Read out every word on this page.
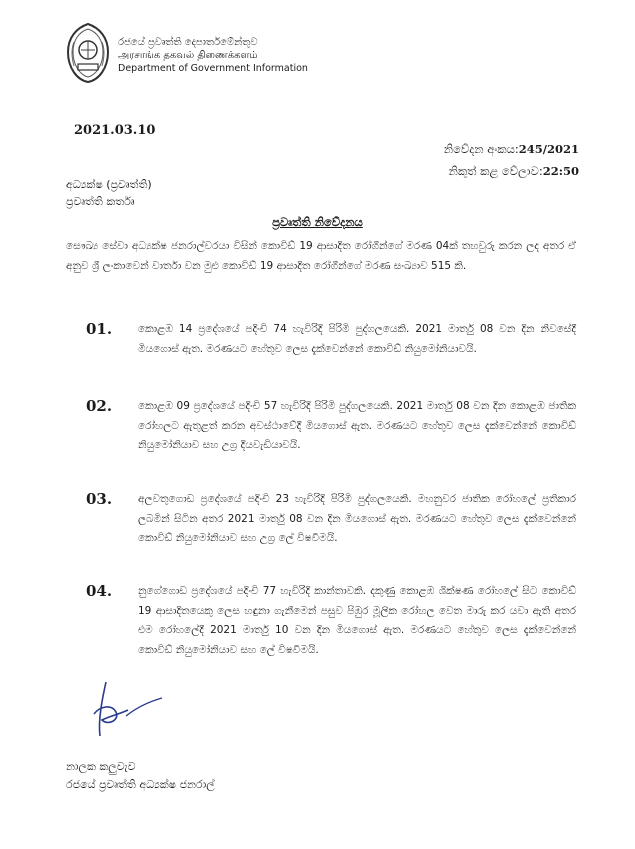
රජයේ ප්‍රවෘත්ති දෙපාර්තමේන්තුව
அரசாங்க தகவல் திணைக்களம்
Department of Government Information
2021.03.10
නිවේදන අංකය:245/2021
නිකුත් කළ වේලාව:22:50
අධ්‍යක්ෂ (ප්‍රවෘත්ති)
ප්‍රවෘත්ති කර්තෘ
ප්‍රවෘත්ති නිවේදනය
සෞඛ්‍ය සේවා අධ්‍යක්ෂ ජනරාල්වරයා විසින් කොවිඩ් 19 ආසාදිත රෝගීන්ගේ මරණ 04ක් තහවුරු කරන ලද අතර ඒ අනුව ශ්‍රී ලංකාවෙන් වාර්තා වන මුළු කොවිඩ් 19 ආසාදිත රෝගීන්ගේ මරණ සංඛ්‍යාව 515 කි.
01. කොළඹ 14 ප්‍රදේශයේ පදිංචි 74 හැවිරිදි පිරිමි පුද්ගලයෙකි. 2021 මාර්තු 08 වන දින නිවසේදී මියගොස් ඇත. මරණයට හේතුව ලෙස දැක්වෙන්නේ කොවිඩ් නියුමෝනියාවයි.
02. කොළඹ 09 ප්‍රදේශයේ පදිංචි 57 හැවිරිදි පිරිමි පුද්ගලයෙකි. 2021 මාර්තු 08 වන දින කොළඹ ජාතික රෝහලට ඇතුළත් කරන අවස්ථාවේදී මියගොස් ඇත. මරණයට හේතුව ලෙස දැක්වෙන්නේ කොවිඩ් නියුමෝනියාව සහ උග්‍ර දියවැඩියාවයි.
03. අලවතුගොඩ ප්‍රදේශයේ පදිංචි 23 හැවිරිදි පිරිමි පුද්ගලයෙකි. මහනුවර ජාතික රෝහලේ ප්‍රතිකාර ලබමින් සිටින අතර 2021 මාර්තු 08 වන දින මියගොස් ඇත. මරණයට හේතුව ලෙස දැක්වෙන්නේ කොවිඩ් නියුමෝනියාව සහ උග්‍ර ලේ විෂවීමයි.
04. නුගේගොඩ ප්‍රදේශයේ පදිංචි 77 හැවිරිදි කාන්තාවකි. දකුණු කොළඹ ශික්ෂණ රෝහලේ සිට කොවිඩ් 19 ආසාදිතයෙකු ලෙස හඳුනා ගැනීමෙන් පසුව පිඹුර මූලික රෝහල වෙත මාරු කර යවා ඇති අතර එම රෝහලේදී 2021 මාර්තු 10 වන දින මියගොස් ඇත. මරණයට හේතුව ලෙස දැක්වෙන්නේ කොවිඩ් නියුමෝනියාව සහ ලේ විෂවීමයි.
නාලක කලුවැව
රජයේ ප්‍රවෘත්ති අධ්‍යක්ෂ ජනරාල්
